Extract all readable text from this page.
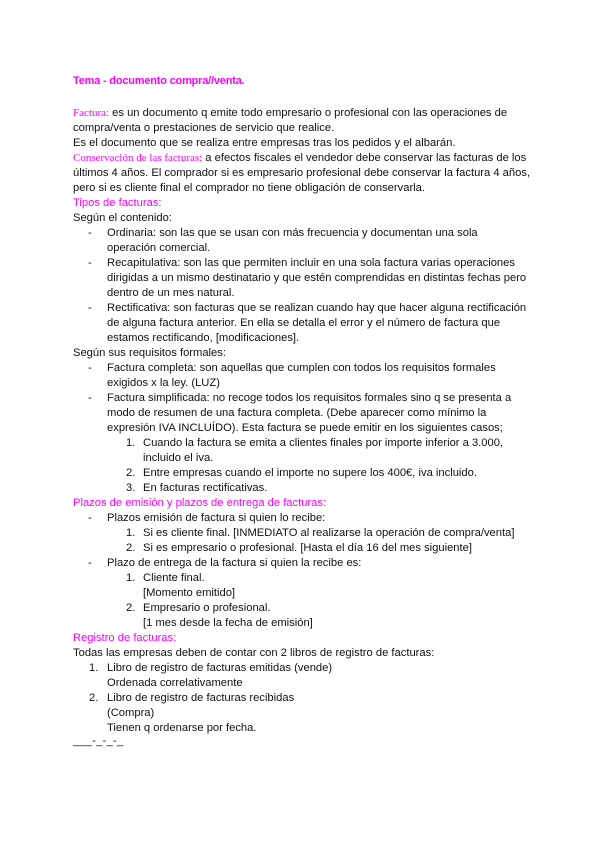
Tema - documento compra//venta.
Factura: es un documento q emite todo empresario o profesional con las operaciones de
compra/venta o prestaciones de servicio que realice.
Es el documento que se realiza entre empresas tras los pedidos y el albarán.
Conservación de las facturas: a efectos fiscales el vendedor debe conservar las facturas de los
últimos 4 años. El comprador si es empresario profesional debe conservar la factura 4 años,
pero si es cliente final el comprador no tiene obligación de conservarla.
Tipos de facturas:
Según el contenido:
- Ordinaria: son las que se usan con más frecuencia y documentan una sola
operación comercial.
- Recapitulativa: son las que permiten incluir en una sola factura varias operaciones
dirigidas a un mismo destinatario y que estén comprendidas en distintas fechas pero
dentro de un mes natural.
- Rectificativa: son facturas que se realizan cuando hay que hacer alguna rectificación
de alguna factura anterior. En ella se detalla el error y el número de factura que
estamos rectificando, [modificaciones].
Según sus requisitos formales:
- Factura completa: son aquellas que cumplen con todos los requisitos formales
exigidos x la ley. (LUZ)
- Factura simplificada: no recoge todos los requisitos formales sino q se presenta a
modo de resumen de una factura completa. (Debe aparecer como mínimo la
expresión IVA INCLUÍDO). Esta factura se puede emitir en los siguientes casos;
1. Cuando la factura se emita a clientes finales por importe inferior a 3.000,
incluido el iva.
2. Entre empresas cuando el importe no supere los 400€, iva incluido.
3. En facturas rectificativas.
Plazos de emisión y plazos de entrega de facturas:
- Plazos emisión de factura si quien lo recibe:
1. Si es cliente final. [INMEDIATO al realizarse la operación de compra/venta]
2. Si es empresario o profesional. [Hasta el día 16 del mes siguiente]
- Plazo de entrega de la factura si quien la recibe es:
1. Cliente final.
[Momento emitido]
2. Empresario o profesional.
[1 mes desde la fecha de emisión]
Registro de facturas:
Todas las empresas deben de contar con 2 libros de registro de facturas:
1. Libro de registro de facturas emitidas (vende)
Ordenada correlativamente
2. Libro de registro de facturas recibidas
(Compra)
Tienen q ordenarse por fecha.
___-_-_-_
